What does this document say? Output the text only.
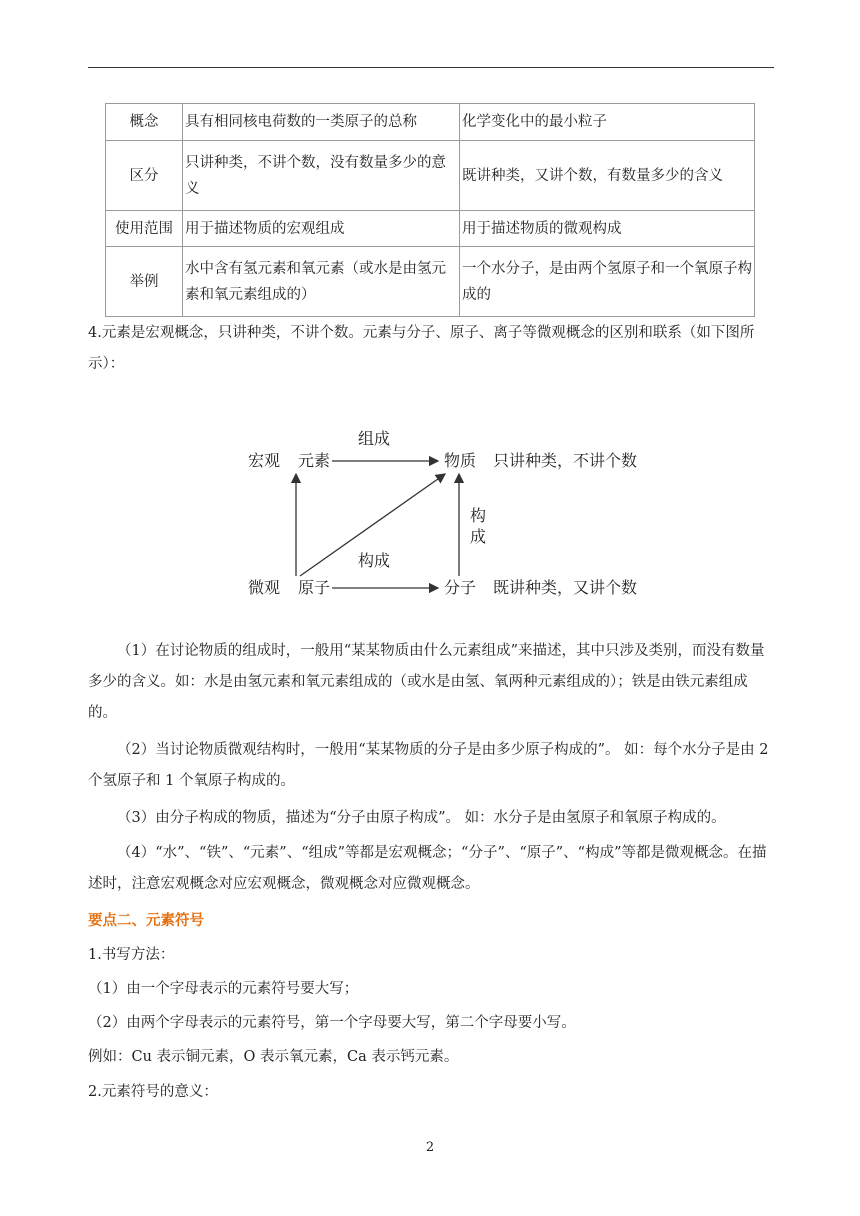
概念	具有相同核电荷数的一类原子的总称	化学变化中的最小粒子
区分	只讲种类，不讲个数，没有数量多少的意义	既讲种类，又讲个数，有数量多少的含义
使用范围	用于描述物质的宏观组成	用于描述物质的微观构成
举例	水中含有氢元素和氧元素（或水是由氢元素和氧元素组成的）	一个水分子，是由两个氢原子和一个氧原子构成的

4.元素是宏观概念，只讲种类，不讲个数。元素与分子、原子、离子等微观概念的区别和联系（如下图所示）：

宏观 元素
组成
物质 只讲种类，不讲个数
构
成
构成
微观 原子	分子 既讲种类，又讲个数

（1）在讨论物质的组成时，一般用“某某物质由什么元素组成”来描述，其中只涉及类别，而没有数量多少的含义。如：水是由氢元素和氧元素组成的（或水是由氢、氧两种元素组成的）；铁是由铁元素组成的。

（2）当讨论物质微观结构时，一般用“某某物质的分子是由多少原子构成的”。 如：每个水分子是由 2 个氢原子和 1 个氧原子构成的。

（3）由分子构成的物质，描述为“分子由原子构成”。 如：水分子是由氢原子和氧原子构成的。

（4）“水”、“铁”、“元素”、“组成”等都是宏观概念；“分子”、“原子”、“构成”等都是微观概念。在描述时，注意宏观概念对应宏观概念，微观概念对应微观概念。

要点二、元素符号

1.书写方法：

（1）由一个字母表示的元素符号要大写；

（2）由两个字母表示的元素符号，第一个字母要大写，第二个字母要小写。

例如：Cu 表示铜元素，O 表示氧元素，Ca 表示钙元素。

2.元素符号的意义：

2
